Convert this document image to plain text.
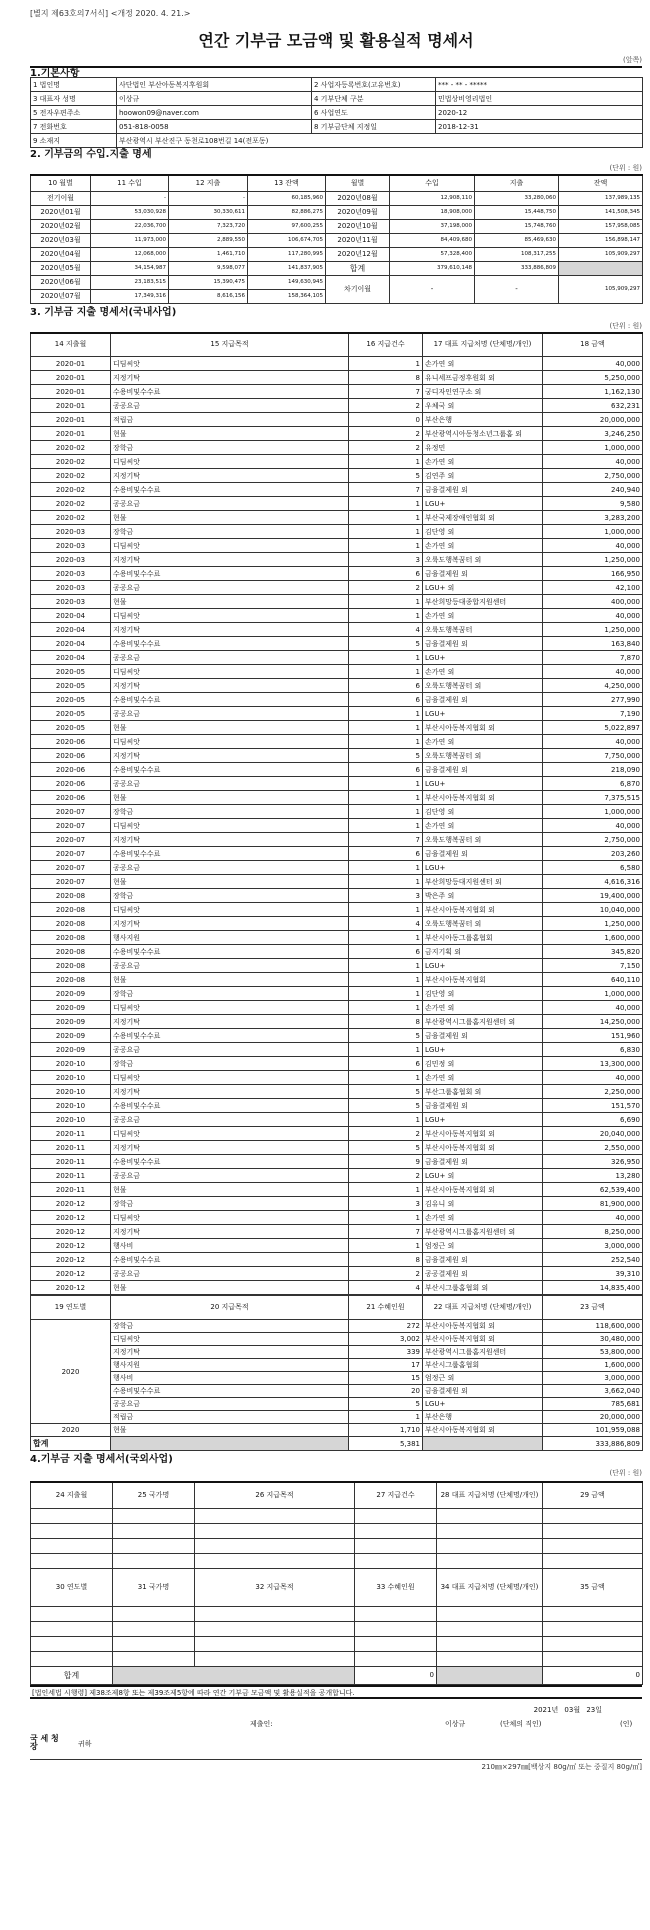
[별지 제63호의7서식] <개정 2020. 4. 21.>
연간 기부금 모금액 및 활용실적 명세서
(앞쪽)
1.기본사항
1 법인명	사단법인 부산아동복지후원회	2 사업자등록번호(고유번호)	*** - ** - *****
3 대표자 성명	이상규	4 기부단체 구분	민법상비영리법인
5 전자우편주소	hoowon09@naver.com	6 사업연도	2020-12
7 전화번호	051-818-0058	8 기부금단체 지정일	2018-12-31
9 소재지	부산광역시 부산진구 동천로108번길 14(전포동)		
2. 기부금의 수입.지출 명세
(단위 : 원)
10 월별	11 수입	12 지출	13 잔액	월별	수입	지출	잔액
전기이월	-	-	60,185,960	2020년08월	12,908,110	33,280,060	137,989,135
2020년01월	53,030,928	30,330,611	82,886,275	2020년09월	18,908,000	15,448,750	141,508,345
2020년02월	22,036,700	7,323,720	97,600,255	2020년10월	37,198,000	15,748,760	157,958,085
2020년03월	11,973,000	2,889,550	106,674,705	2020년11월	84,409,680	85,469,630	156,898,147
2020년04월	12,068,000	1,461,710	117,280,995	2020년12월	57,328,400	108,317,255	105,909,297
2020년05월	34,154,987	9,598,077	141,837,905	합계	379,610,148	333,886,809	
2020년06월	23,183,515	15,390,475	149,630,945	차기이월	-	-	105,909,297
2020년07월	17,349,316	8,616,156	158,364,105				
3. 기부금 지출 명세서(국내사업)
(단위 : 원)
14 지출월	15 지급목적	16 지급건수	17 대표 지급처명 (단체명/개인)	18 금액
2020-01	디딤씨앗	1	손가연 외	40,000
2020-01	지정기탁	8	유니세프금정후원회 외	5,250,000
2020-01	수용비및수수료	7	궁디자인연구소 외	1,162,130
2020-01	공공요금	2	우체국 외	632,231
2020-01	적립금	0	부산은행	20,000,000
2020-01	현물	2	부산광역시아동청소년그룹홈 외	3,246,250
2020-02	장학금	2	유정민	1,000,000
2020-02	디딤씨앗	1	손가연 외	40,000
2020-02	지정기탁	5	김연주 외	2,750,000
2020-02	수용비및수수료	7	금융결제원 외	240,940
2020-02	공공요금	1	LGU+	9,580
2020-02	현물	1	부산국제장애인협회 외	3,283,200
2020-03	장학금	1	김단영 외	1,000,000
2020-03	디딤씨앗	1	손가연 외	40,000
2020-03	지정기탁	3	오륙도행복꿈터 외	1,250,000
2020-03	수용비및수수료	6	금융결제원 외	166,950
2020-03	공공요금	2	LGU+ 외	42,100
2020-03	현물	1	부산희망등대종합지원센터	400,000
2020-04	디딤씨앗	1	손가연 외	40,000
2020-04	지정기탁	4	오륙도행복꿈터	1,250,000
2020-04	수용비및수수료	5	금융결제원 외	163,840
2020-04	공공요금	1	LGU+	7,870
2020-05	디딤씨앗	1	손가연 외	40,000
2020-05	지정기탁	6	오륙도행복꿈터 외	4,250,000
2020-05	수용비및수수료	6	금융결제원 외	277,990
2020-05	공공요금	1	LGU+	7,190
2020-05	현물	1	부산시아동복지협회 외	5,022,897
2020-06	디딤씨앗	1	손가연 외	40,000
2020-06	지정기탁	5	오륙도행복꿈터 외	7,750,000
2020-06	수용비및수수료	6	금융결제원 외	218,090
2020-06	공공요금	1	LGU+	6,870
2020-06	현물	1	부산시아동복지협회 외	7,375,515
2020-07	장학금	1	김단영 외	1,000,000
2020-07	디딤씨앗	1	손가연 외	40,000
2020-07	지정기탁	7	오륙도행복꿈터 외	2,750,000
2020-07	수용비및수수료	6	금융결제원 외	203,260
2020-07	공공요금	1	LGU+	6,580
2020-07	현물	1	부산희망등대지원센터 외	4,616,316
2020-08	장학금	3	박은주 외	19,400,000
2020-08	디딤씨앗	1	부산시아동복지협회 외	10,040,000
2020-08	지정기탁	4	오륙도행복꿈터 외	1,250,000
2020-08	행사지원	1	부산시아동그룹홈협회	1,600,000
2020-08	수용비및수수료	6	금지기획 외	345,820
2020-08	공공요금	1	LGU+	7,150
2020-08	현물	1	부산시아동복지협회	640,110
2020-09	장학금	1	김단영 외	1,000,000
2020-09	디딤씨앗	1	손가연 외	40,000
2020-09	지정기탁	8	부산광역시그룹홈지원센터 외	14,250,000
2020-09	수용비및수수료	5	금융결제원 외	151,960
2020-09	공공요금	1	LGU+	6,830
2020-10	장학금	6	김민정 외	13,300,000
2020-10	디딤씨앗	1	손가연 외	40,000
2020-10	지정기탁	5	부산그룹홈협회 외	2,250,000
2020-10	수용비및수수료	5	금융결제원 외	151,570
2020-10	공공요금	1	LGU+	6,690
2020-11	디딤씨앗	2	부산시아동복지협회 외	20,040,000
2020-11	지정기탁	5	부산시아동복지협회 외	2,550,000
2020-11	수용비및수수료	9	금융결제원 외	326,950
2020-11	공공요금	2	LGU+ 외	13,280
2020-11	현물	1	부산시아동복지협회 외	62,539,400
2020-12	장학금	3	김유니 외	81,900,000
2020-12	디딤씨앗	1	손가연 외	40,000
2020-12	지정기탁	7	부산광역시그룹홈지원센터 외	8,250,000
2020-12	행사비	1	엄정근 외	3,000,000
2020-12	수용비및수수료	8	금융결제원 외	252,540
2020-12	공공요금	2	공공결제원 외	39,310
2020-12	현물	4	부산시그룹홈협회 외	14,835,400
19 연도별	20 지급목적	21 수혜인원	22 대표 지급처명 (단체명/개인)	23 금액
2020	장학금	272	부산시아동복지협회 외	118,600,000
	디딤씨앗	3,002	부산시아동복지협회 외	30,480,000
	지정기탁	339	부산광역시그룹홈지원센터	53,800,000
	행사지원	17	부산시그룹홈협회	1,600,000
	행사비	15	엄정근 외	3,000,000
	수용비및수수료	20	금융결제원 외	3,662,040
	공공요금	5	LGU+	785,681
	적립금	1	부산은행	20,000,000
2020	현물	1,710	부산시아동복지협회 외	101,959,088
합계		5,381		333,886,809
4.기부금 지출 명세서(국외사업)
(단위 : 원)
24 지출월	25 국가명	26 지급목적	27 지급건수	28 대표 지급처명 (단체명/개인)	29 금액

30 연도별	31 국가명	32 지급목적	33 수혜인원	34 대표 지급처명 (단체명/개인)	35 금액

합계			0		0
[법인세법 시행령] 제38조제8항 또는 제39조제5항에 따라 연간 기부금 모금액 및 활용실적을 공개합니다.
2021년 03월 23일
제출인:	이상규	(단체의 직인)	(인)
국 세 청
장	귀하
210㎜×297㎜[백상지 80g/㎡ 또는 중질지 80g/㎡]
